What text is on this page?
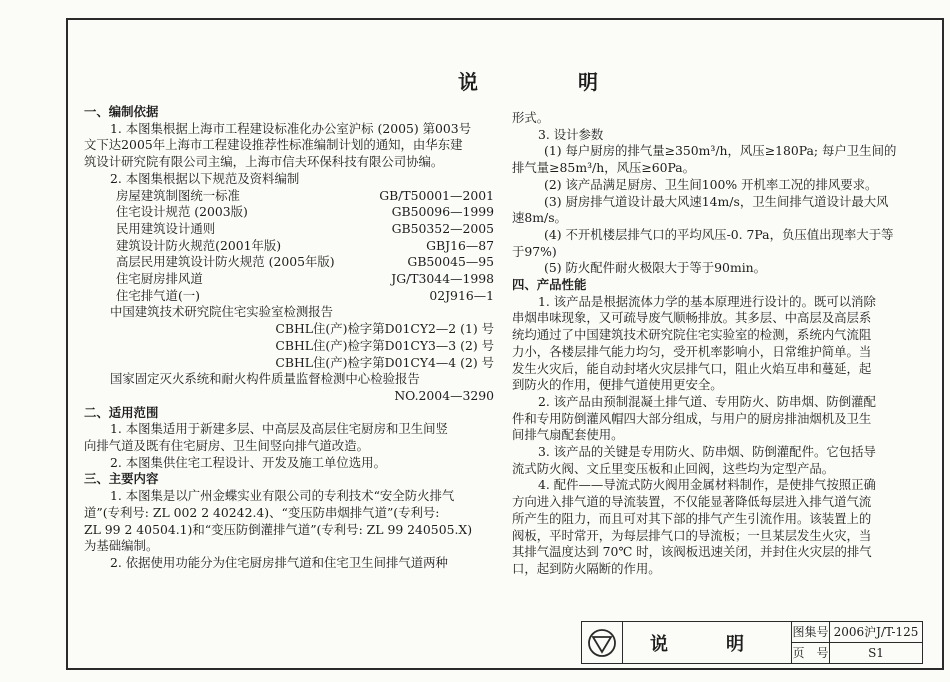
说　明
一、编制依据
1. 本图集根据上海市工程建设标准化办公室沪标 (2005) 第003号
文下达2005年上海市工程建设推荐性标准编制计划的通知，由华东建
筑设计研究院有限公司主编，上海市信夫环保科技有限公司协编。
2. 本图集根据以下规范及资料编制
房屋建筑制图统一标准	GB/T50001—2001
住宅设计规范 (2003版)	GB50096—1999
民用建筑设计通则	GB50352—2005
建筑设计防火规范(2001年版)	GBJ16—87
高层民用建筑设计防火规范 (2005年版)	GB50045—95
住宅厨房排风道	JG/T3044—1998
住宅排气道(一)	02J916—1
中国建筑技术研究院住宅实验室检测报告
CBHL住(产)检字第D01CY2—2 (1) 号
CBHL住(产)检字第D01CY3—3 (2) 号
CBHL住(产)检字第D01CY4—4 (2) 号
国家固定灭火系统和耐火构件质量监督检测中心检验报告
NO.2004—3290
二、适用范围
1. 本图集适用于新建多层、中高层及高层住宅厨房和卫生间竖
向排气道及既有住宅厨房、卫生间竖向排气道改造。
2. 本图集供住宅工程设计、开发及施工单位选用。
三、主要内容
1. 本图集是以广州金蝶实业有限公司的专利技术“安全防火排气
道”(专利号: ZL 002 2 40242.4)、“变压防串烟排气道”(专利号:
ZL 99 2 40504.1)和“变压防倒灌排气道”(专利号: ZL 99 240505.X)
为基础编制。
2. 依据使用功能分为住宅厨房排气道和住宅卫生间排气道两种
形式。
3. 设计参数
(1) 每户厨房的排气量≥350m³/h，风压≥180Pa; 每户卫生间的
排气量≥85m³/h，风压≥60Pa。
(2) 该产品满足厨房、卫生间100% 开机率工况的排风要求。
(3) 厨房排气道设计最大风速14m/s，卫生间排气道设计最大风
速8m/s。
(4) 不开机楼层排气口的平均风压-0. 7Pa，负压值出现率大于等
于97%)
(5) 防火配件耐火极限大于等于90min。
四、产品性能
1. 该产品是根据流体力学的基本原理进行设计的。既可以消除
串烟串味现象，又可疏导废气顺畅排放。其多层、中高层及高层系
统均通过了中国建筑技术研究院住宅实验室的检测，系统内气流阻
力小，各楼层排气能力均匀，受开机率影响小，日常维护简单。当
发生火灾后，能自动封堵火灾层排气口，阻止火焰互串和蔓延，起
到防火的作用，便排气道使用更安全。
2. 该产品由预制混凝土排气道、专用防火、防串烟、防倒灌配
件和专用防倒灌风帽四大部分组成，与用户的厨房排油烟机及卫生
间排气扇配套使用。
3. 该产品的关键是专用防火、防串烟、防倒灌配件。它包括导
流式防火阀、文丘里变压板和止回阀，这些均为定型产品。
4. 配件——导流式防火阀用金属材料制作，是使排气按照正确
方向进入排气道的导流装置，不仅能显著降低每层进入排气道气流
所产生的阻力，而且可对其下部的排气产生引流作用。该装置上的
阀板，平时常开，为每层排气口的导流板；一旦某层发生火灾，当
其排气温度达到 70℃ 时，该阀板迅速关闭，并封住火灾层的排气
口，起到防火隔断的作用。
说　明
图集号 2006沪J/T-125
页　号	S1
